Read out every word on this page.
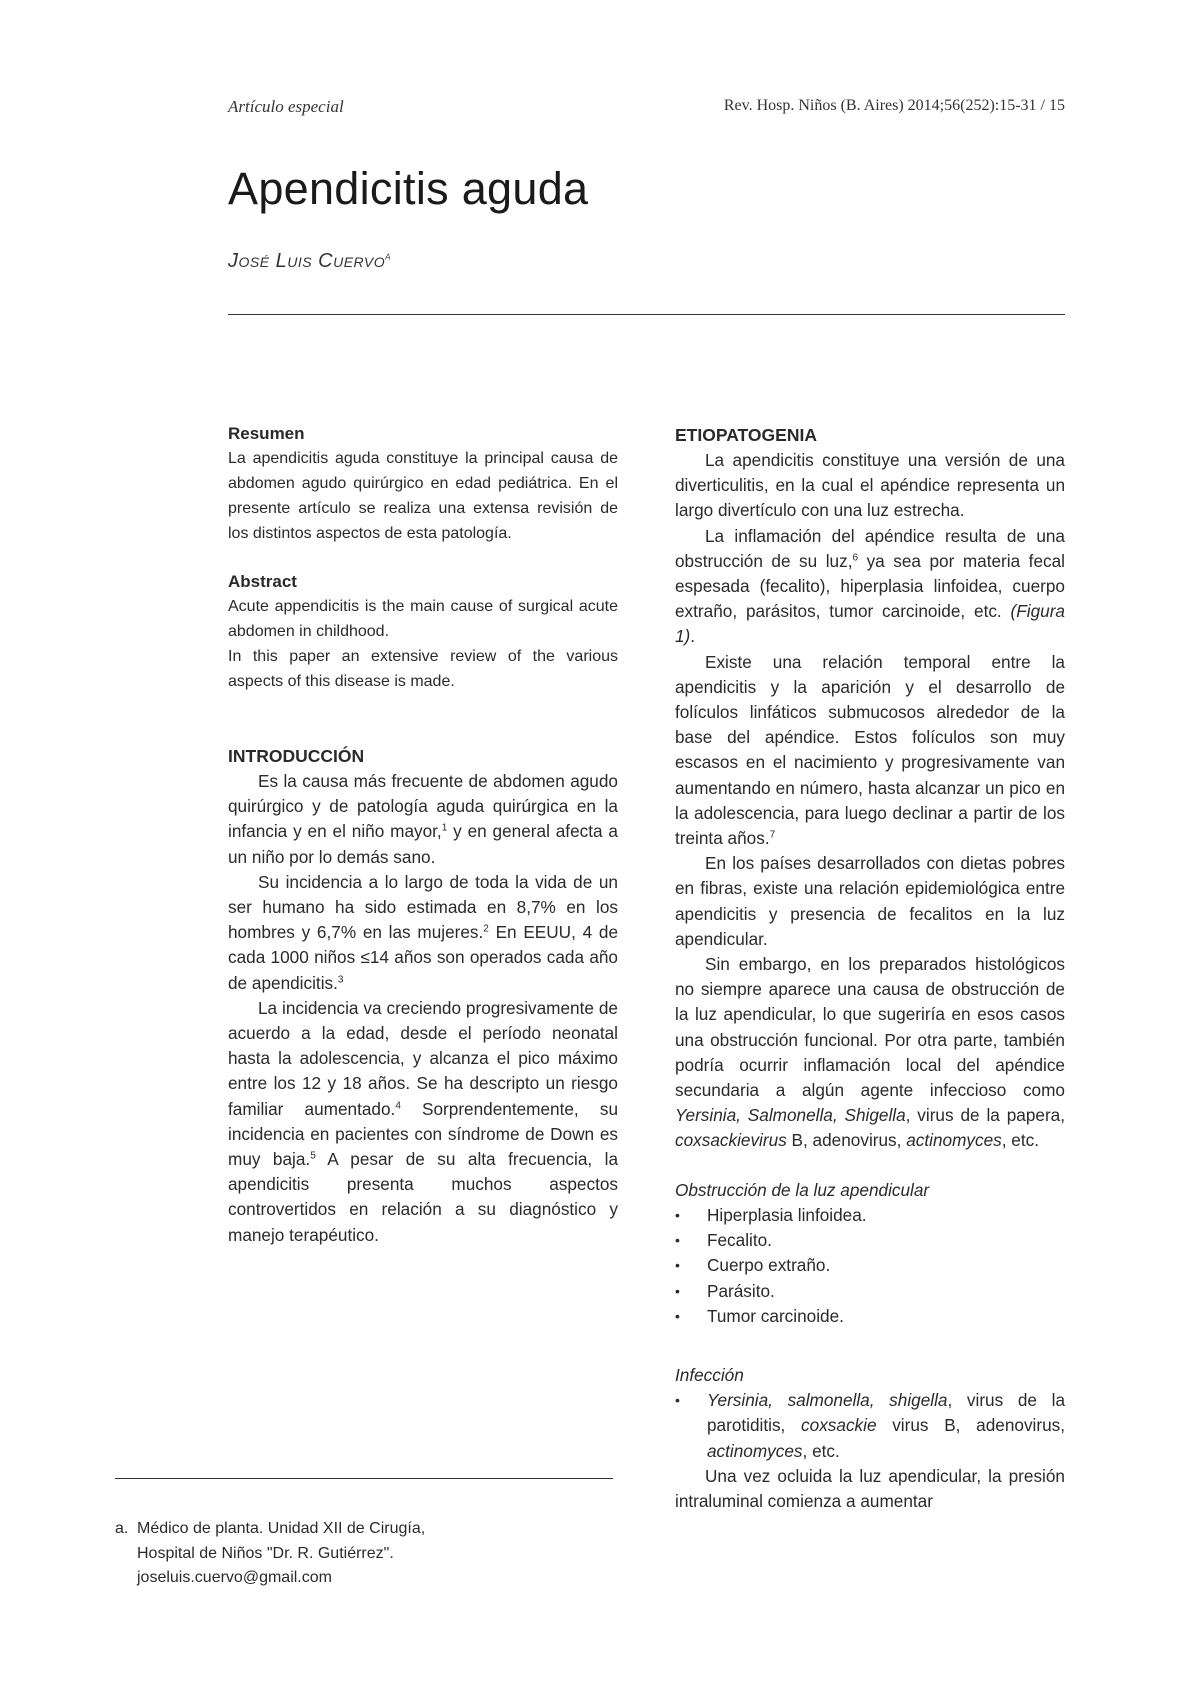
Artículo especial	Rev. Hosp. Niños (B. Aires) 2014;56(252):15-31 / 15
Apendicitis aguda
José Luis Cuervo$^a$

Resumen

La apendicitis aguda constituye la principal causa de abdomen agudo quirúrgico en edad pediátrica. En el presente artículo se realiza una extensa revisión de los distintos aspectos de esta patología.

Abstract

Acute appendicitis is the main cause of surgical acute abdomen in childhood.

In this paper an extensive review of the various aspects of this disease is made.

INTRODUCCIÓN

Es la causa más frecuente de abdomen agudo quirúrgico y de patología aguda quirúrgica en la infancia y en el niño mayor,$^1$ y en general afecta a un niño por lo demás sano.

Su incidencia a lo largo de toda la vida de un ser humano ha sido estimada en 8,7% en los hombres y 6,7% en las mujeres.$^2$ En EEUU, 4 de cada 1000 niños ≤14 años son operados cada año de apendicitis.$^3$

La incidencia va creciendo progresivamente de acuerdo a la edad, desde el período neonatal hasta la adolescencia, y alcanza el pico máximo entre los 12 y 18 años. Se ha descripto un riesgo familiar aumentado.$^4$ Sorprendentemente, su incidencia en pacientes con síndrome de Down es muy baja.$^5$ A pesar de su alta frecuencia, la apendicitis presenta muchos aspectos controvertidos en relación a su diagnóstico y manejo terapéutico.

ETIOPATOGENIA

La apendicitis constituye una versión de una diverticulitis, en la cual el apéndice representa un largo divertículo con una luz estrecha.

La inflamación del apéndice resulta de una obstrucción de su luz,$^6$ ya sea por materia fecal espesada (fecalito), hiperplasia linfoidea, cuerpo extraño, parásitos, tumor carcinoide, etc. (Figura 1).

Existe una relación temporal entre la apendicitis y la aparición y el desarrollo de folículos linfáticos submucosos alrededor de la base del apéndice. Estos folículos son muy escasos en el nacimiento y progresivamente van aumentando en número, hasta alcanzar un pico en la adolescencia, para luego declinar a partir de los treinta años.$^7$

En los países desarrollados con dietas pobres en fibras, existe una relación epidemiológica entre apendicitis y presencia de fecalitos en la luz apendicular.

Sin embargo, en los preparados histológicos no siempre aparece una causa de obstrucción de la luz apendicular, lo que sugeriría en esos casos una obstrucción funcional. Por otra parte, también podría ocurrir inflamación local del apéndice secundaria a algún agente infeccioso como Yersinia, Salmonella, Shigella, virus de la papera, coxsackievirus B, adenovirus, actinomyces, etc.

Obstrucción de la luz apendicular

• Hiperplasia linfoidea.
• Fecalito.
• Cuerpo extraño.
• Parásito.
• Tumor carcinoide.

Infección

• Yersinia, salmonella, shigella, virus de la parotiditis, coxsackie virus B, adenovirus, actinomyces, etc.

Una vez ocluida la luz apendicular, la presión intraluminal comienza a aumentar

a. Médico de planta. Unidad XII de Cirugía,
Hospital de Niños "Dr. R. Gutiérrez".
joseluis.cuervo@gmail.com
